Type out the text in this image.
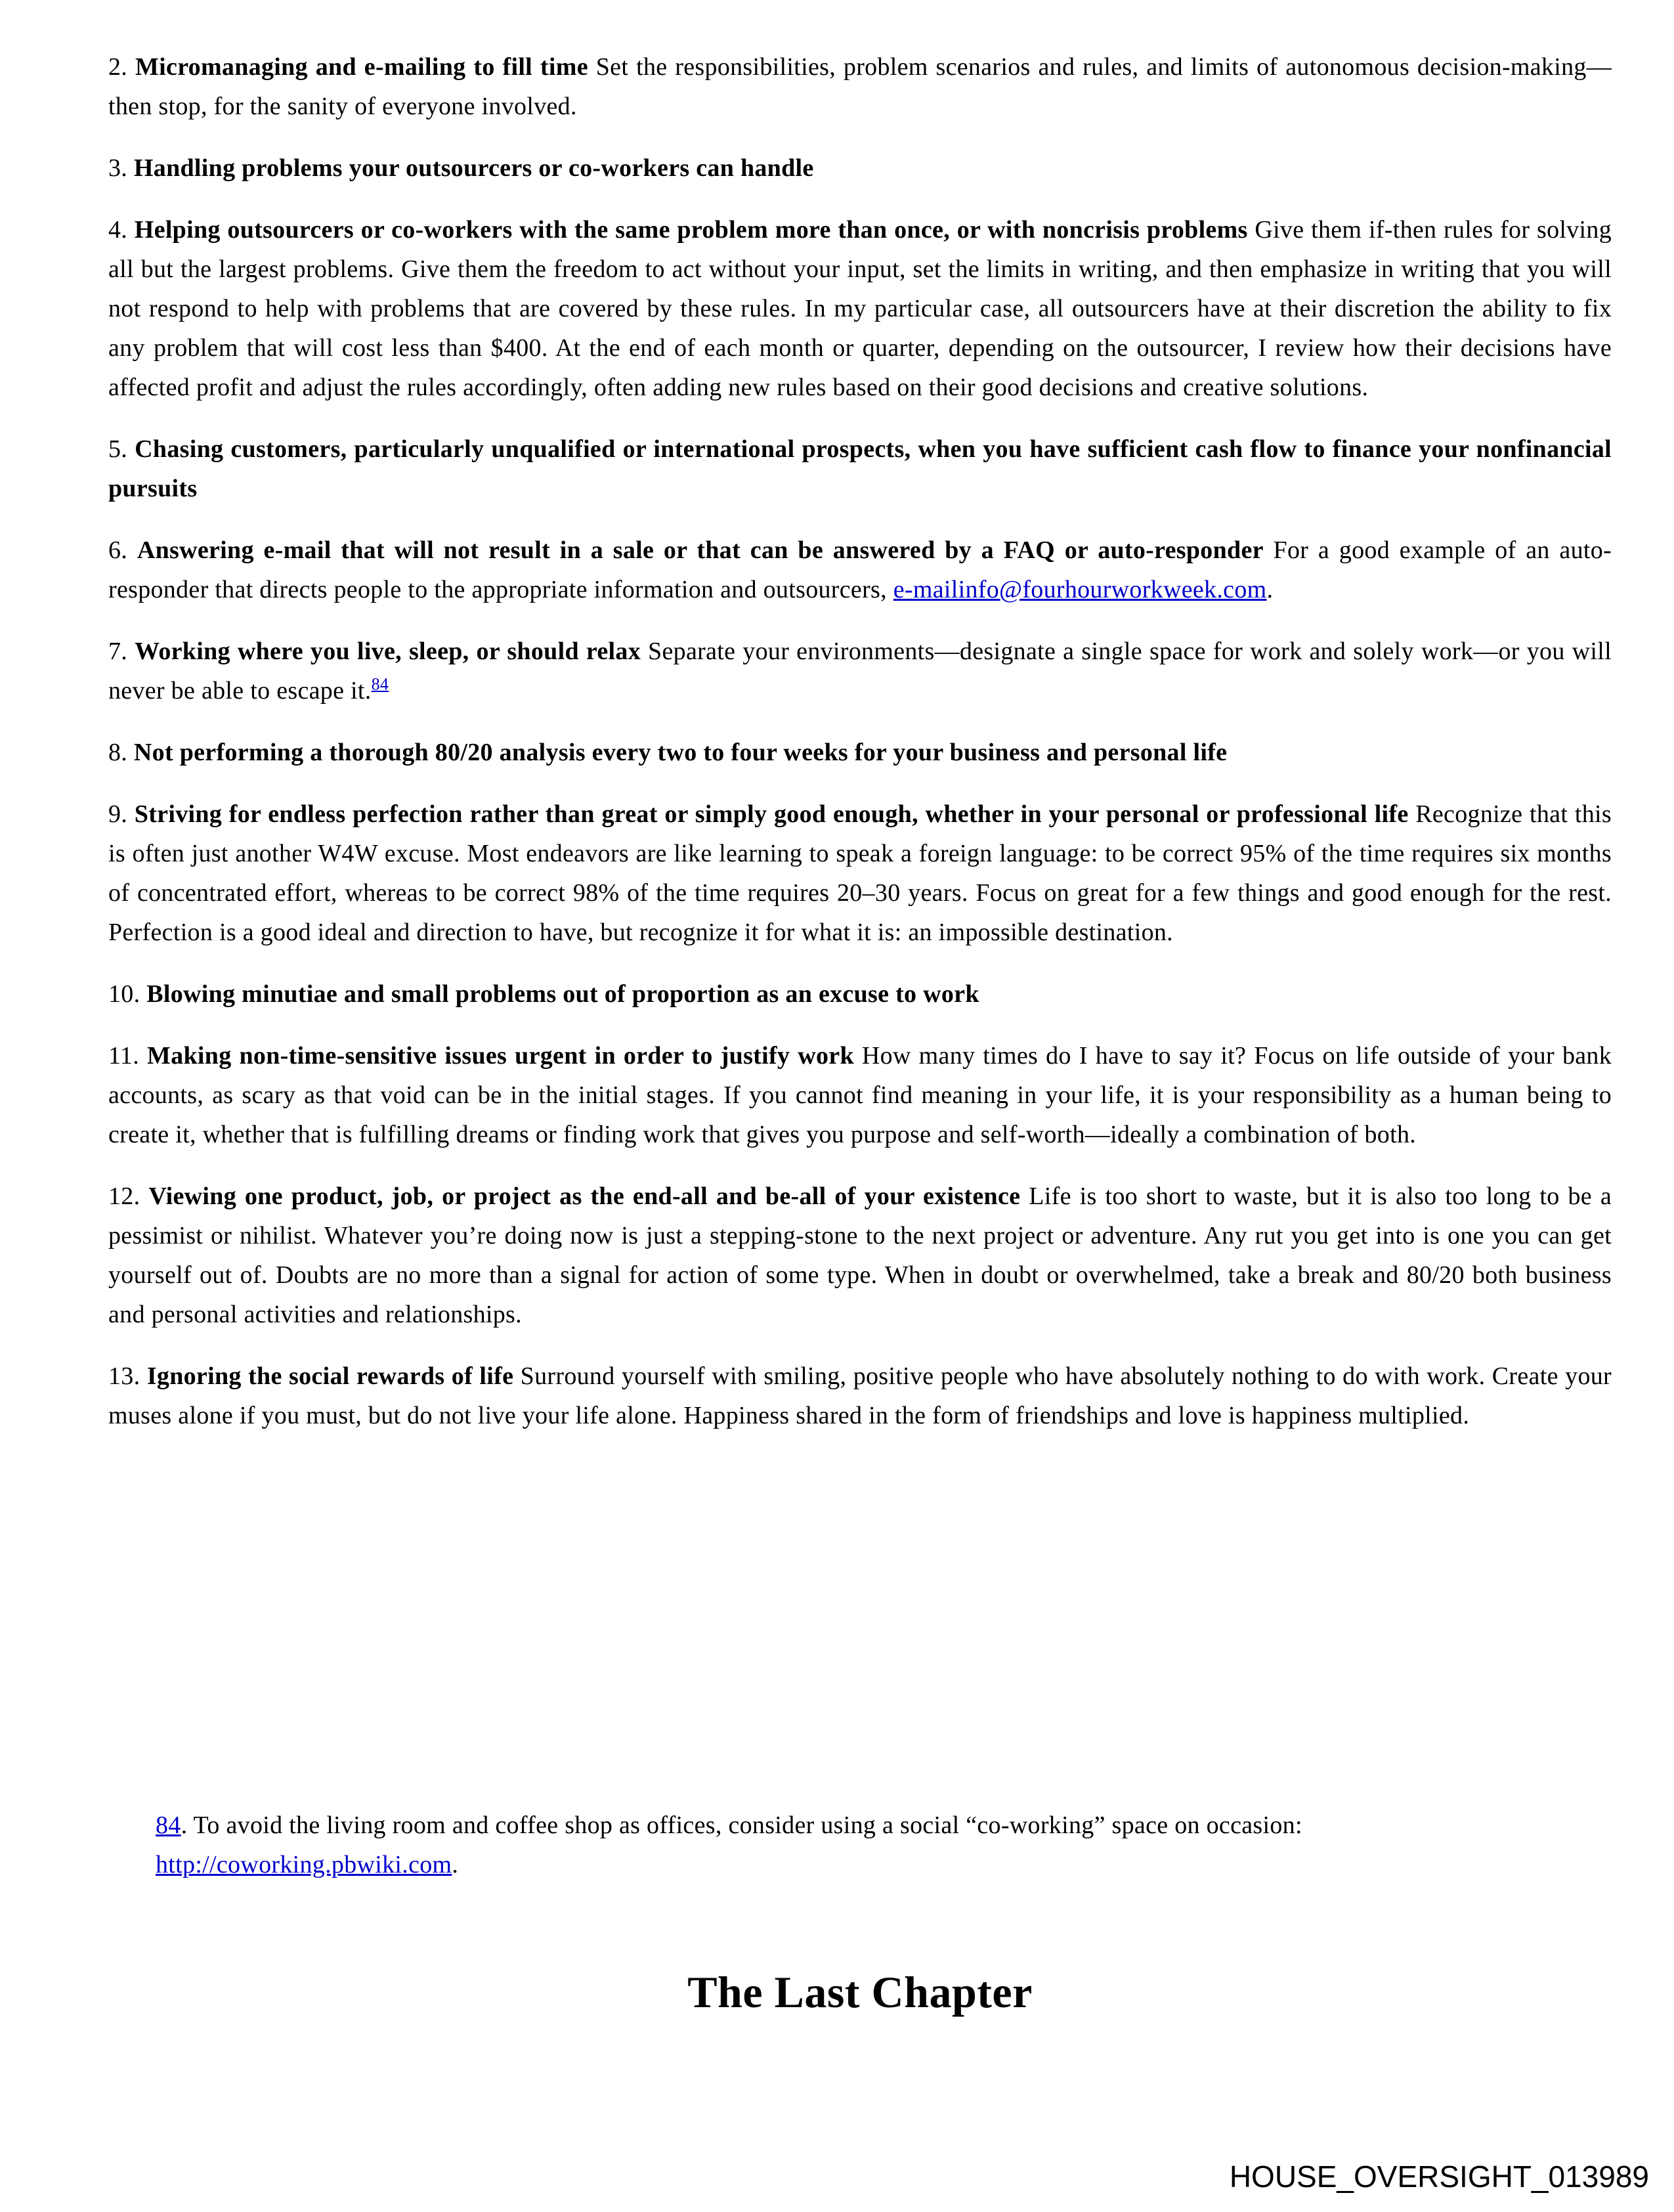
2. Micromanaging and e-mailing to fill time Set the responsibilities, problem scenarios and rules, and limits of autonomous decision-making—then stop, for the sanity of everyone involved.

3. Handling problems your outsourcers or co-workers can handle

4. Helping outsourcers or co-workers with the same problem more than once, or with noncrisis problems Give them if-then rules for solving all but the largest problems. Give them the freedom to act without your input, set the limits in writing, and then emphasize in writing that you will not respond to help with problems that are covered by these rules. In my particular case, all outsourcers have at their discretion the ability to fix any problem that will cost less than $400. At the end of each month or quarter, depending on the outsourcer, I review how their decisions have affected profit and adjust the rules accordingly, often adding new rules based on their good decisions and creative solutions.

5. Chasing customers, particularly unqualified or international prospects, when you have sufficient cash flow to finance your nonfinancial pursuits

6. Answering e-mail that will not result in a sale or that can be answered by a FAQ or auto-responder For a good example of an auto-responder that directs people to the appropriate information and outsourcers, e-mailinfo@fourhourworkweek.com.

7. Working where you live, sleep, or should relax Separate your environments—designate a single space for work and solely work—or you will never be able to escape it.$^{84}$

8. Not performing a thorough 80/20 analysis every two to four weeks for your business and personal life

9. Striving for endless perfection rather than great or simply good enough, whether in your personal or professional life Recognize that this is often just another W4W excuse. Most endeavors are like learning to speak a foreign language: to be correct 95% of the time requires six months of concentrated effort, whereas to be correct 98% of the time requires 20–30 years. Focus on great for a few things and good enough for the rest. Perfection is a good ideal and direction to have, but recognize it for what it is: an impossible destination.

10. Blowing minutiae and small problems out of proportion as an excuse to work

11. Making non-time-sensitive issues urgent in order to justify work How many times do I have to say it? Focus on life outside of your bank accounts, as scary as that void can be in the initial stages. If you cannot find meaning in your life, it is your responsibility as a human being to create it, whether that is fulfilling dreams or finding work that gives you purpose and self-worth—ideally a combination of both.

12. Viewing one product, job, or project as the end-all and be-all of your existence Life is too short to waste, but it is also too long to be a pessimist or nihilist. Whatever you’re doing now is just a stepping-stone to the next project or adventure. Any rut you get into is one you can get yourself out of. Doubts are no more than a signal for action of some type. When in doubt or overwhelmed, take a break and 80/20 both business and personal activities and relationships.

13. Ignoring the social rewards of life Surround yourself with smiling, positive people who have absolutely nothing to do with work. Create your muses alone if you must, but do not live your life alone. Happiness shared in the form of friendships and love is happiness multiplied.

84. To avoid the living room and coffee shop as offices, consider using a social “co-working” space on occasion: http://coworking.pbwiki.com.

The Last Chapter
HOUSE_OVERSIGHT_013989
